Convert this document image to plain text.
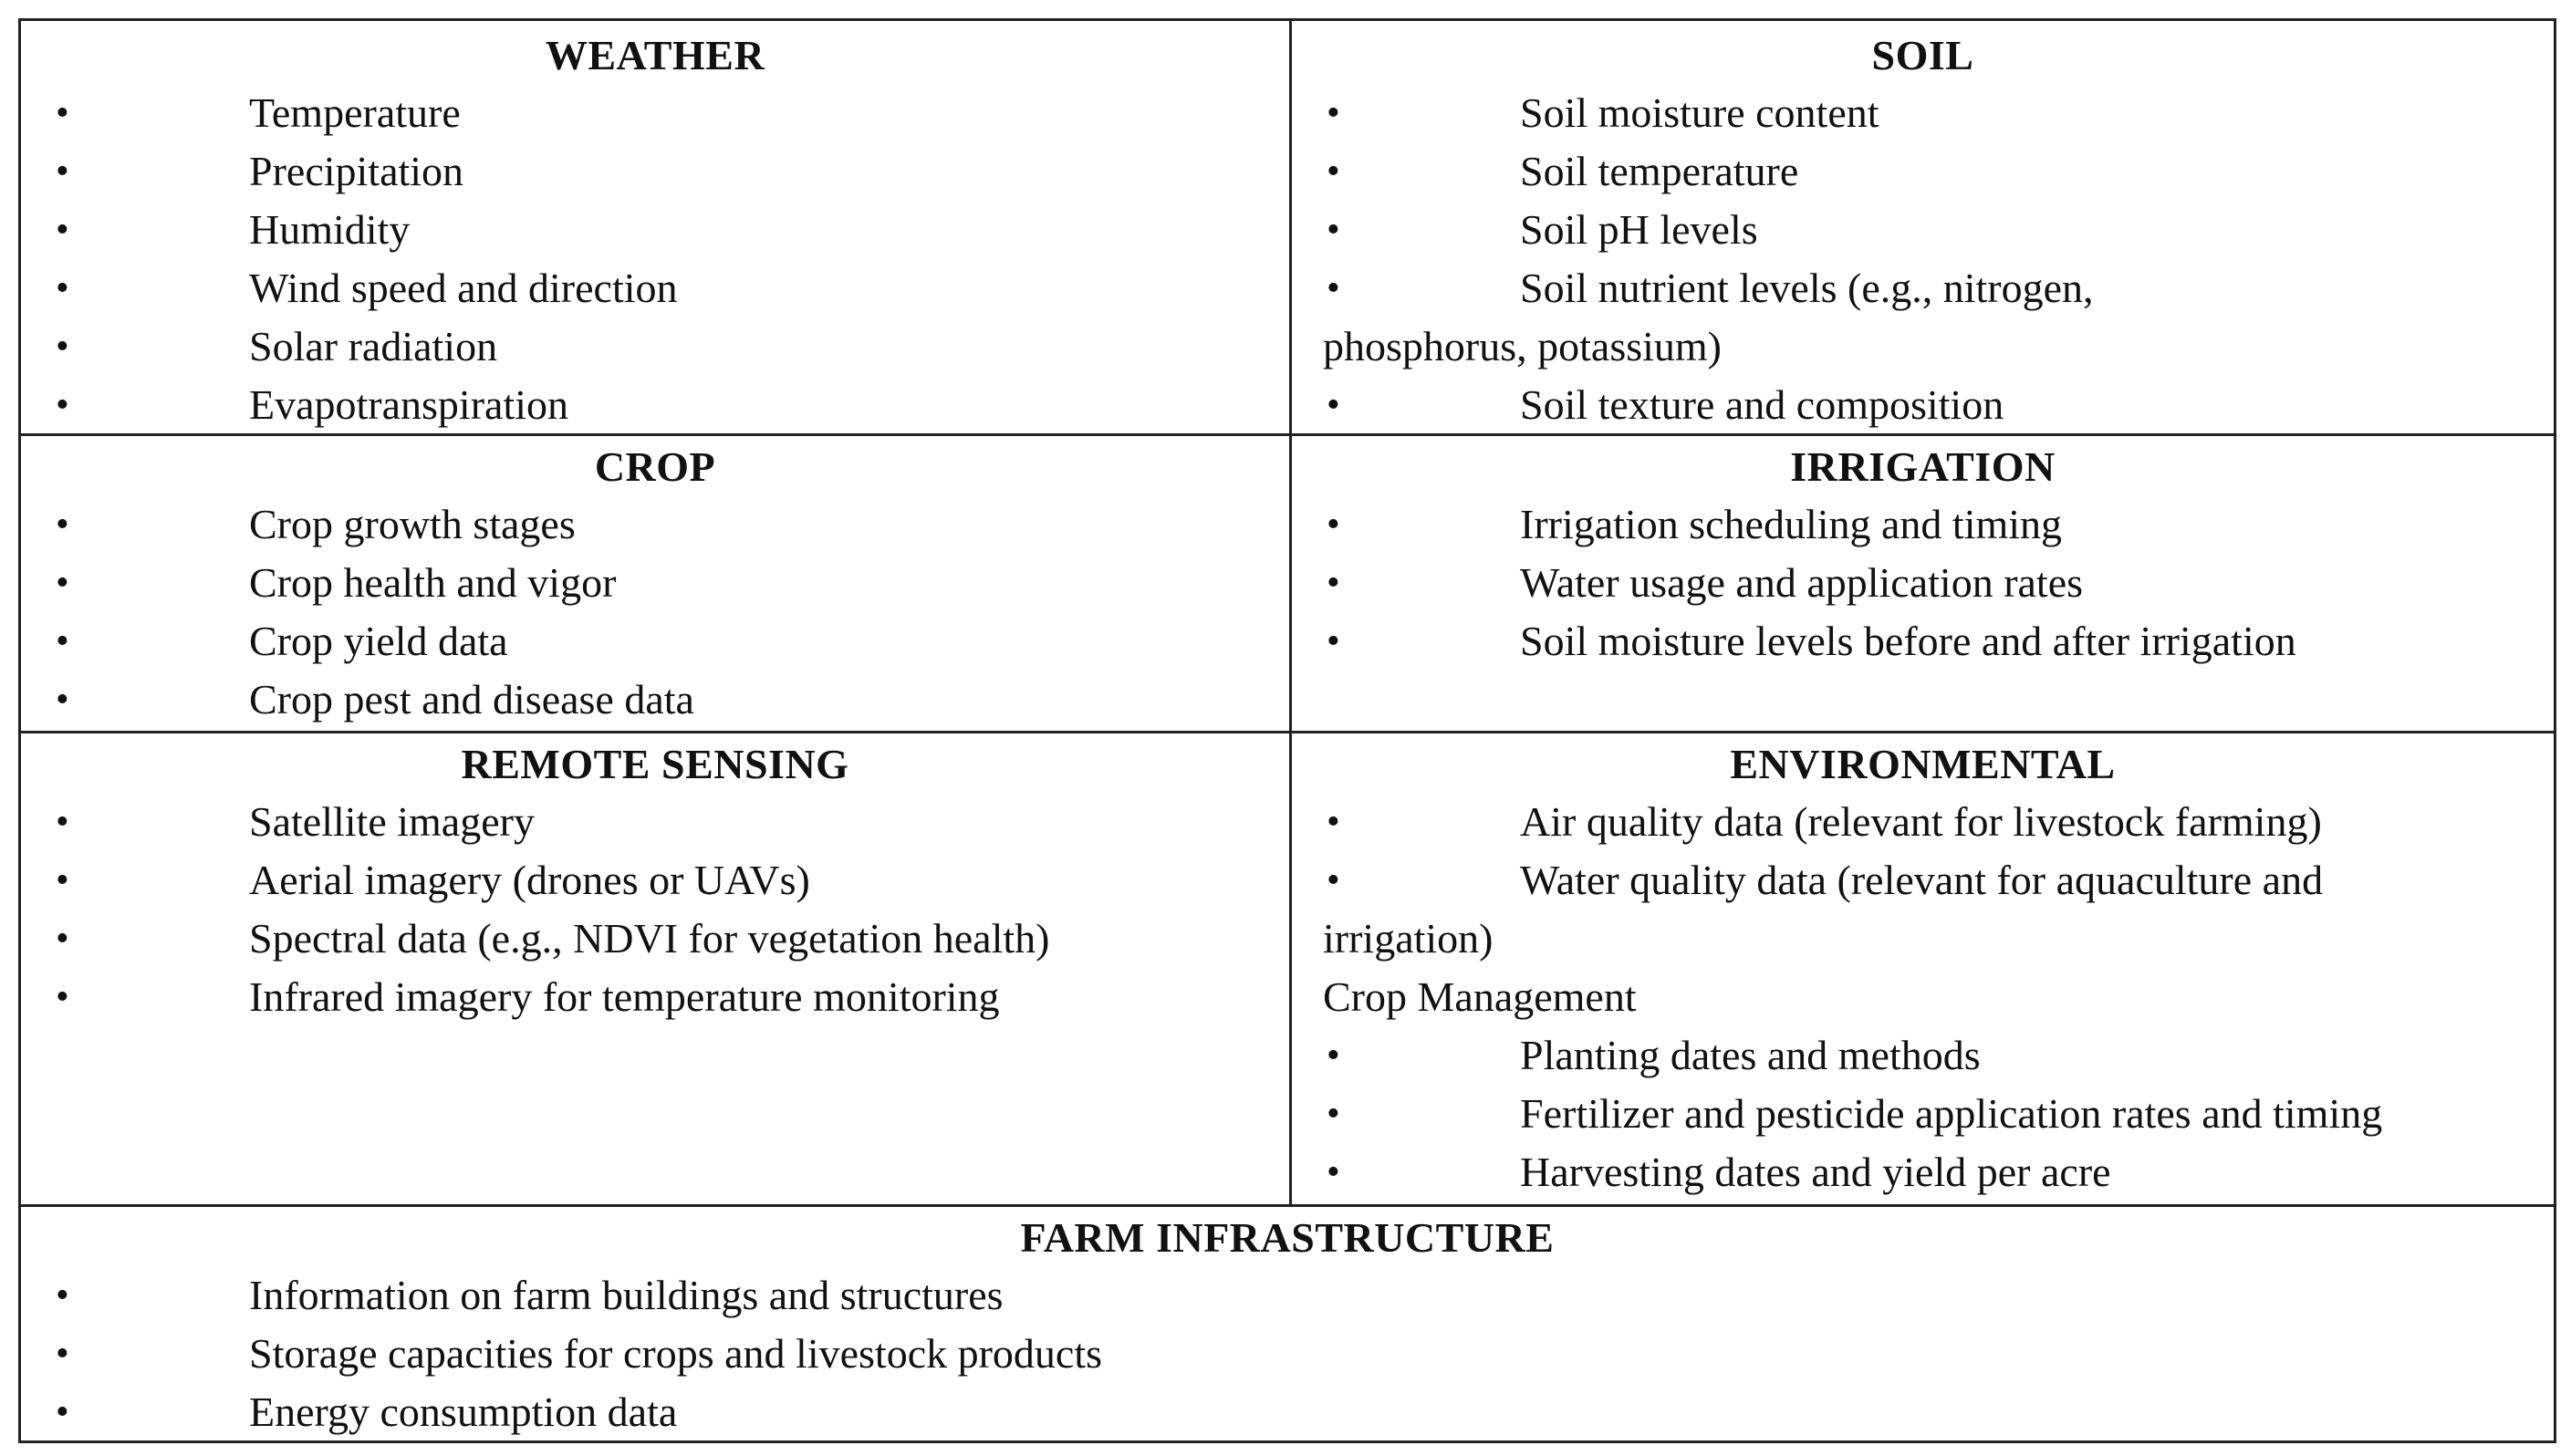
WEATHER
•	Temperature
•	Precipitation
•	Humidity
•	Wind speed and direction
•	Solar radiation
•	Evapotranspiration
SOIL
•	Soil moisture content
•	Soil temperature
•	Soil pH levels
•	Soil nutrient levels (e.g., nitrogen,
phosphorus, potassium)
•	Soil texture and composition
CROP
•	Crop growth stages
•	Crop health and vigor
•	Crop yield data
•	Crop pest and disease data
IRRIGATION
•	Irrigation scheduling and timing
•	Water usage and application rates
•	Soil moisture levels before and after irrigation
REMOTE SENSING
•	Satellite imagery
•	Aerial imagery (drones or UAVs)
•	Spectral data (e.g., NDVI for vegetation health)
•	Infrared imagery for temperature monitoring
ENVIRONMENTAL
•	Air quality data (relevant for livestock farming)
•	Water quality data (relevant for aquaculture and
irrigation)
Crop Management
•	Planting dates and methods
•	Fertilizer and pesticide application rates and timing
•	Harvesting dates and yield per acre
FARM INFRASTRUCTURE
•	Information on farm buildings and structures
•	Storage capacities for crops and livestock products
•	Energy consumption data
